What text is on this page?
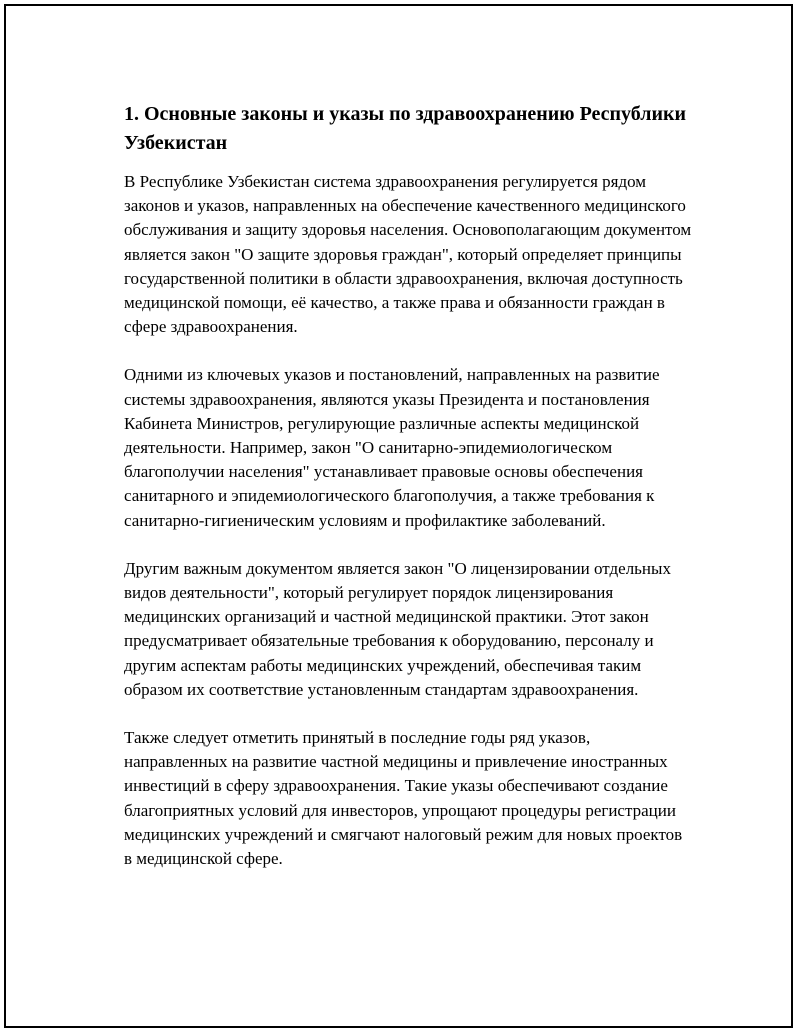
1. Основные законы и указы по здравоохранению Республики Узбекистан

В Республике Узбекистан система здравоохранения регулируется рядом законов и указов, направленных на обеспечение качественного медицинского обслуживания и защиту здоровья населения. Основополагающим документом является закон "О защите здоровья граждан", который определяет принципы государственной политики в области здравоохранения, включая доступность медицинской помощи, её качество, а также права и обязанности граждан в сфере здравоохранения.

Одними из ключевых указов и постановлений, направленных на развитие системы здравоохранения, являются указы Президента и постановления Кабинета Министров, регулирующие различные аспекты медицинской деятельности. Например, закон "О санитарно-эпидемиологическом благополучии населения" устанавливает правовые основы обеспечения санитарного и эпидемиологического благополучия, а также требования к санитарно-гигиеническим условиям и профилактике заболеваний.

Другим важным документом является закон "О лицензировании отдельных видов деятельности", который регулирует порядок лицензирования медицинских организаций и частной медицинской практики. Этот закон предусматривает обязательные требования к оборудованию, персоналу и другим аспектам работы медицинских учреждений, обеспечивая таким образом их соответствие установленным стандартам здравоохранения.

Также следует отметить принятый в последние годы ряд указов, направленных на развитие частной медицины и привлечение иностранных инвестиций в сферу здравоохранения. Такие указы обеспечивают создание благоприятных условий для инвесторов, упрощают процедуры регистрации медицинских учреждений и смягчают налоговый режим для новых проектов в медицинской сфере.
